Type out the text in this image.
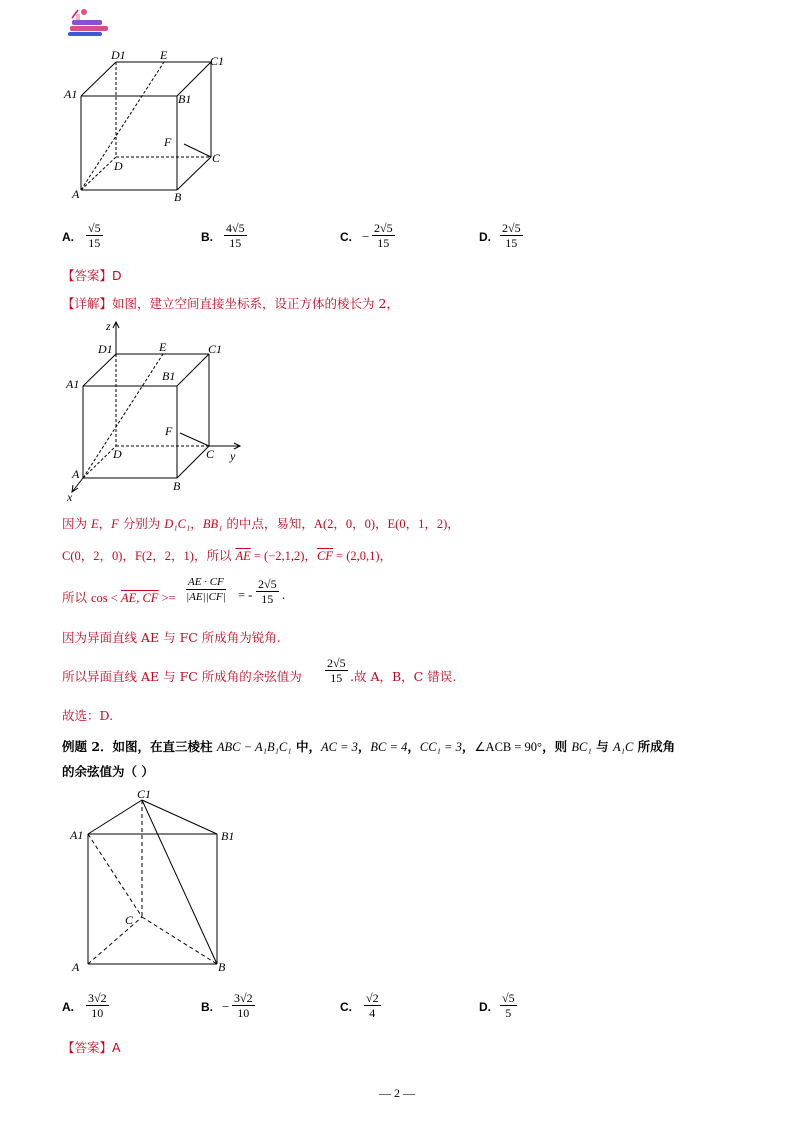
D1	E	C1
A1	B1
F
C
D
A	B
A. $\frac{√5}{15}$	B. $\frac{4√5}{15}$	C. − $\frac{2√5}{15}$	D. $\frac{2√5}{15}$
【答案】D
【详解】如图，建立空间直接坐标系，设正方体的棱长为 2，
z
D1	E	C1
A1
B1
F
A
D	C y
B
x
因为 E，F 分别为 D₁C₁，BB₁ 的中点，易知，A(2，0，0)，E(0，1，2)，
C(0，2，0)，F(2，2，1)，所以 $\overline{AE} = (-2,1,2)$，$\overline{CF} = (2,0,1)$，
所以 cos < AE, CF >= $\frac{AE \cdot CF}{|AE||CF|}$ = - $\frac{2√5}{15}$ .
因为异面直线 AE 与 FC 所成角为锐角.
所以异面直线 AE 与 FC 所成角的余弦值为 $\frac{2√5}{15}$ .故 A，B，C 错误.
故选：D.
例题 2．如图，在直三棱柱 ABC − A₁B₁C₁ 中，AC = 3，BC = 4，CC₁ = 3，∠ACB = 90°，则 BC₁ 与 A₁C 所成角
的余弦值为（ ）
C1
A1	B1
C
A	B
A. $\frac{3√2}{10}$	B. − $\frac{3√2}{10}$	C. $\frac{√2}{4}$	D. $\frac{√5}{5}$
【答案】A
— 2 —
